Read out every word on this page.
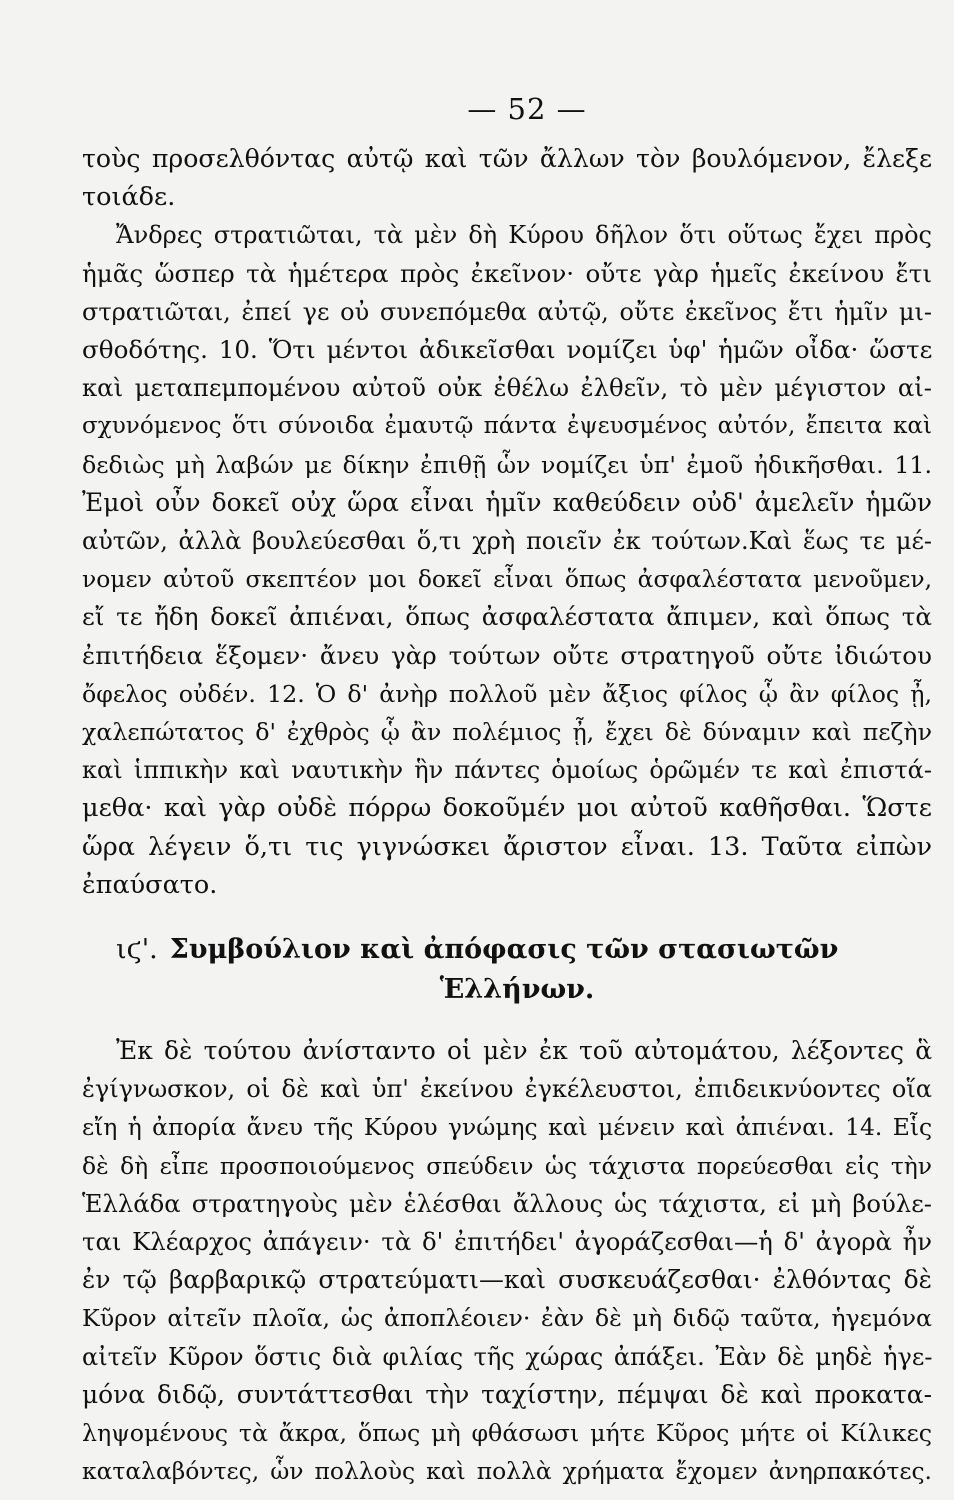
— 52 —
τοὺς προσελθόντας αὐτῷ καὶ τῶν ἄλλων τὸν βουλόμενον, ἔλεξε
τοιάδε.
Ἄνδρες στρατιῶται, τὰ μὲν δὴ Κύρου δῆλον ὅτι οὕτως ἔχει πρὸς
ἡμᾶς ὥσπερ τὰ ἡμέτερα πρὸς ἐκεῖνον· οὔτε γὰρ ἡμεῖς ἐκείνου ἔτι
στρατιῶται, ἐπεί γε οὐ συνεπόμεθα αὐτῷ, οὔτε ἐκεῖνος ἔτι ἡμῖν μι-
σθοδότης. 10. Ὅτι μέντοι ἀδικεῖσθαι νομίζει ὑφ' ἡμῶν οἶδα· ὥστε
καὶ μεταπεμπομένου αὐτοῦ οὐκ ἐθέλω ἐλθεῖν, τὸ μὲν μέγιστον αἰ-
σχυνόμενος ὅτι σύνοιδα ἐμαυτῷ πάντα ἐψευσμένος αὐτόν, ἔπειτα καὶ
δεδιὼς μὴ λαβών με δίκην ἐπιθῇ ὧν νομίζει ὑπ' ἐμοῦ ἠδικῆσθαι. 11.
Ἐμοὶ οὖν δοκεῖ οὐχ ὥρα εἶναι ἡμῖν καθεύδειν οὐδ' ἀμελεῖν ἡμῶν
αὐτῶν, ἀλλὰ βουλεύεσθαι ὅ,τι χρὴ ποιεῖν ἐκ τούτων.Καὶ ἕως τε μέ-
νομεν αὐτοῦ σκεπτέον μοι δοκεῖ εἶναι ὅπως ἀσφαλέστατα μενοῦμεν,
εἴ τε ἤδη δοκεῖ ἀπιέναι, ὅπως ἀσφαλέστατα ἄπιμεν, καὶ ὅπως τὰ
ἐπιτήδεια ἕξομεν· ἄνευ γὰρ τούτων οὔτε στρατηγοῦ οὔτε ἰδιώτου
ὄφελος οὐδέν. 12. Ὁ δ' ἀνὴρ πολλοῦ μὲν ἄξιος φίλος ᾧ ἂν φίλος ᾖ,
χαλεπώτατος δ' ἐχθρὸς ᾧ ἂν πολέμιος ᾖ, ἔχει δὲ δύναμιν καὶ πεζὴν
καὶ ἱππικὴν καὶ ναυτικὴν ἣν πάντες ὁμοίως ὁρῶμέν τε καὶ ἐπιστά-
μεθα· καὶ γὰρ οὐδὲ πόρρω δοκοῦμέν μοι αὐτοῦ καθῆσθαι. Ὥστε
ὥρα λέγειν ὅ,τι τις γιγνώσκει ἄριστον εἶναι. 13. Ταῦτα εἰπὼν
ἐπαύσατο.
ιϛ'. Συμβούλιον καὶ ἀπόφασις τῶν στασιωτῶν
Ἑλλήνων.
Ἐκ δὲ τούτου ἀνίσταντο οἱ μὲν ἐκ τοῦ αὐτομάτου, λέξοντες ἃ
ἐγίγνωσκον, οἱ δὲ καὶ ὑπ' ἐκείνου ἐγκέλευστοι, ἐπιδεικνύοντες οἵα
εἴη ἡ ἀπορία ἄνευ τῆς Κύρου γνώμης καὶ μένειν καὶ ἀπιέναι. 14. Εἷς
δὲ δὴ εἶπε προσποιούμενος σπεύδειν ὡς τάχιστα πορεύεσθαι εἰς τὴν
Ἑλλάδα στρατηγοὺς μὲν ἑλέσθαι ἄλλους ὡς τάχιστα, εἰ μὴ βούλε-
ται Κλέαρχος ἀπάγειν· τὰ δ' ἐπιτήδει' ἀγοράζεσθαι—ἡ δ' ἀγορὰ ἦν
ἐν τῷ βαρβαρικῷ στρατεύματι—καὶ συσκευάζεσθαι· ἐλθόντας δὲ
Κῦρον αἰτεῖν πλοῖα, ὡς ἀποπλέοιεν· ἐὰν δὲ μὴ διδῷ ταῦτα, ἡγεμόνα
αἰτεῖν Κῦρον ὅστις διὰ φιλίας τῆς χώρας ἀπάξει. Ἐὰν δὲ μηδὲ ἡγε-
μόνα διδῷ, συντάττεσθαι τὴν ταχίστην, πέμψαι δὲ καὶ προκατα-
ληψομένους τὰ ἄκρα, ὅπως μὴ φθάσωσι μήτε Κῦρος μήτε οἱ Κίλικες
καταλαβόντες, ὧν πολλοὺς καὶ πολλὰ χρήματα ἔχομεν ἀνηρπακότες.
